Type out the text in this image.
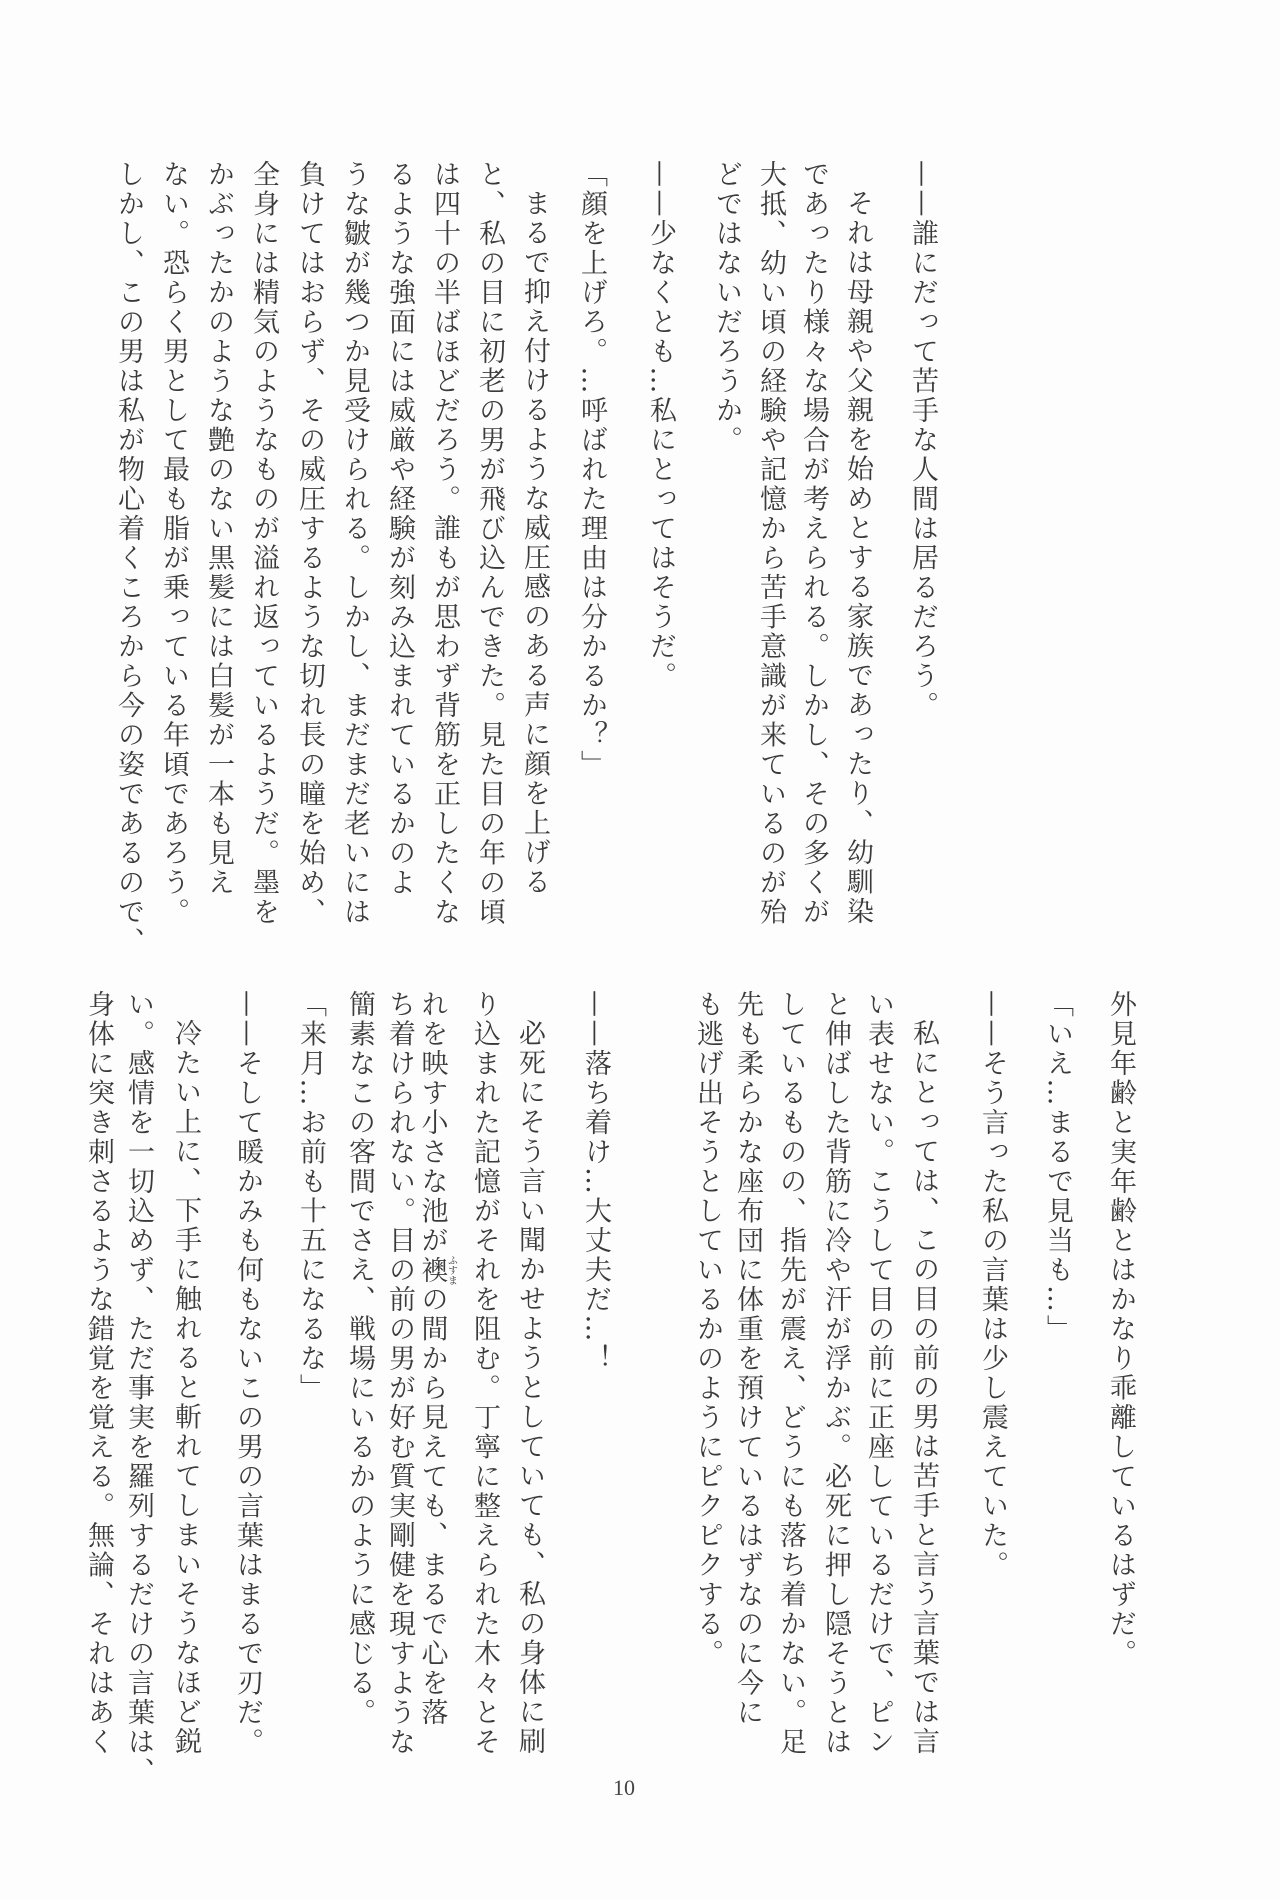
10
——誰にだって苦手な人間は居るだろう。
それは母親や父親を始めとする家族であったり、幼馴染
であったり様々な場合が考えられる。しかし、その多くが
大抵、幼い頃の経験や記憶から苦手意識が来ているのが殆
どではないだろうか。
——少なくとも…私にとってはそうだ。
「顔を上げろ。…呼ばれた理由は分かるか？」
まるで抑え付けるような威圧感のある声に顔を上げる
と、私の目に初老の男が飛び込んできた。見た目の年の頃
は四十の半ばほどだろう。誰もが思わず背筋を正したくな
るような強面には威厳や経験が刻み込まれているかのよ
うな皺が幾つか見受けられる。しかし、まだまだ老いには
負けてはおらず、その威圧するような切れ長の瞳を始め、
全身には精気のようなものが溢れ返っているようだ。墨を
かぶったかのような艶のない黒髪には白髪が一本も見え
ない。恐らく男として最も脂が乗っている年頃であろう。
しかし、この男は私が物心着くころから今の姿であるので、
外見年齢と実年齢とはかなり乖離しているはずだ。
「いえ…まるで見当も…」
——そう言った私の言葉は少し震えていた。
私にとっては、この目の前の男は苦手と言う言葉では言
い表せない。こうして目の前に正座しているだけで、ピン
と伸ばした背筋に冷や汗が浮かぶ。必死に押し隠そうとは
しているものの、指先が震え、どうにも落ち着かない。足
先も柔らかな座布団に体重を預けているはずなのに今に
も逃げ出そうとしているかのようにピクピクする。
——落ち着け…大丈夫だ…！
必死にそう言い聞かせようとしていても、私の身体に刷
り込まれた記憶がそれを阻む。丁寧に整えられた木々とそ
れを映す小さな池が襖ふすまの間から見えても、まるで心を落
ち着けられない。目の前の男が好む質実剛健を現すような
簡素なこの客間でさえ、戦場にいるかのように感じる。
「来月…お前も十五になるな」
——そして暖かみも何もないこの男の言葉はまるで刃だ。
冷たい上に、下手に触れると斬れてしまいそうなほど鋭
い。感情を一切込めず、ただ事実を羅列するだけの言葉は、
身体に突き刺さるような錯覚を覚える。無論、それはあく
